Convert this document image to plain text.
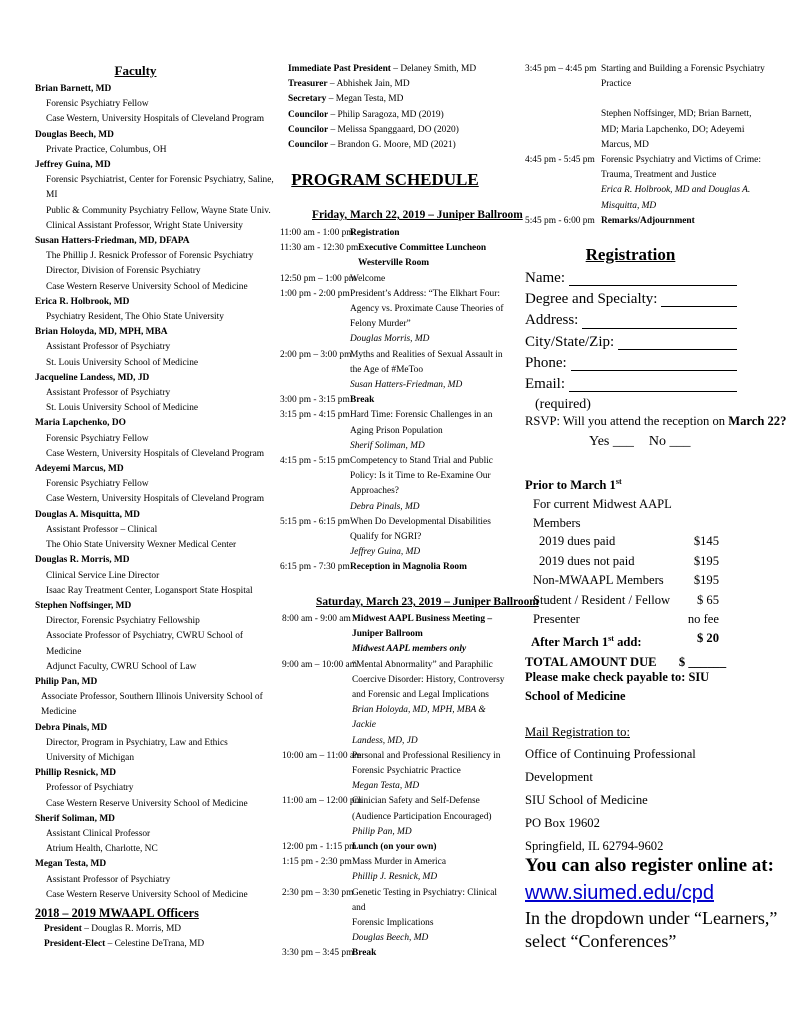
Faculty
Brian Barnett, MD
Forensic Psychiatry Fellow
Case Western, University Hospitals of Cleveland Program
Douglas Beech, MD
Private Practice, Columbus, OH
Jeffrey Guina, MD
Forensic Psychiatrist, Center for Forensic Psychiatry, Saline, MI
Public & Community Psychiatry Fellow, Wayne State Univ.
Clinical Assistant Professor, Wright State University
Susan Hatters-Friedman, MD, DFAPA
The Phillip J. Resnick Professor of Forensic Psychiatry
Director, Division of Forensic Psychiatry
Case Western Reserve University School of Medicine
Erica R. Holbrook, MD
Psychiatry Resident, The Ohio State University
Brian Holoyda, MD, MPH, MBA
Assistant Professor of Psychiatry
St. Louis University School of Medicine
Jacqueline Landess, MD, JD
Assistant Professor of Psychiatry
St. Louis University School of Medicine
Maria Lapchenko, DO
Forensic Psychiatry Fellow
Case Western, University Hospitals of Cleveland Program
Adeyemi Marcus, MD
Forensic Psychiatry Fellow
Case Western, University Hospitals of Cleveland Program
Douglas A. Misquitta, MD
Assistant Professor – Clinical
The Ohio State University Wexner Medical Center
Douglas R. Morris, MD
Clinical Service Line Director
Isaac Ray Treatment Center, Logansport State Hospital
Stephen Noffsinger, MD
Director, Forensic Psychiatry Fellowship
Associate Professor of Psychiatry, CWRU School of Medicine
Adjunct Faculty, CWRU School of Law
Philip Pan, MD
Associate Professor, Southern Illinois University School of
Medicine
Debra Pinals, MD
Director, Program in Psychiatry, Law and Ethics
University of Michigan
Phillip Resnick, MD
Professor of Psychiatry
Case Western Reserve University School of Medicine
Sherif Soliman, MD
Assistant Clinical Professor
Atrium Health, Charlotte, NC
Megan Testa, MD
Assistant Professor of Psychiatry
Case Western Reserve University School of Medicine
2018 – 2019 MWAAPL Officers
President – Douglas R. Morris, MD
President-Elect – Celestine DeTrana, MD
Immediate Past President – Delaney Smith, MD
Treasurer – Abhishek Jain, MD
Secretary – Megan Testa, MD
Councilor – Philip Saragoza, MD (2019)
Councilor – Melissa Spanggaard, DO (2020)
Councilor – Brandon G. Moore, MD (2021)
PROGRAM SCHEDULE
Friday, March 22, 2019 – Juniper Ballroom
11:00 am - 1:00 pm
Registration
11:30 am - 12:30 pm Executive Committee Luncheon
Westerville Room
12:50 pm – 1:00 pm
Welcome
1:00 pm - 2:00 pm President’s Address: “The Elkhart Four:
Agency vs. Proximate Cause Theories of
Felony Murder”
Douglas Morris, MD
2:00 pm – 3:00 pm
Myths and Realities of Sexual Assault in
the Age of #MeToo
Susan Hatters-Friedman, MD
3:00 pm - 3:15 pm Break
3:15 pm - 4:15 pm Hard Time: Forensic Challenges in an
Aging Prison Population
Sherif Soliman, MD
4:15 pm - 5:15 pm Competency to Stand Trial and Public
Policy: Is it Time to Re-Examine Our
Approaches?
Debra Pinals, MD
5:15 pm - 6:15 pm When Do Developmental Disabilities
Qualify for NGRI?
Jeffrey Guina, MD
6:15 pm - 7:30 pm Reception in Magnolia Room
Saturday, March 23, 2019 – Juniper Ballroom
8:00 am - 9:00 am Midwest AAPL Business Meeting –
Juniper Ballroom
Midwest AAPL members only
9:00 am – 10:00 am
“Mental Abnormality” and Paraphilic
Coercive Disorder: History, Controversy
and Forensic and Legal Implications
Brian Holoyda, MD, MPH, MBA & Jackie
Landess, MD, JD
10:00 am – 11:00 am
Personal and Professional Resiliency in
Forensic Psychiatric Practice
Megan Testa, MD
11:00 am – 12:00 pm
Clinician Safety and Self-Defense
(Audience Participation Encouraged)
Philip Pan, MD
12:00 pm - 1:15 pm
Lunch (on your own)
1:15 pm - 2:30 pm Mass Murder in America
Phillip J. Resnick, MD
2:30 pm – 3:30 pm
Genetic Testing in Psychiatry: Clinical and
Forensic Implications
Douglas Beech, MD
3:30 pm – 3:45 pm
Break
3:45 pm – 4:45 pm Starting and Building a Forensic Psychiatry
Practice
Stephen Noffsinger, MD; Brian Barnett,
MD; Maria Lapchenko, DO; Adeyemi
Marcus, MD
4:45 pm - 5:45 pm Forensic Psychiatry and Victims of Crime:
Trauma, Treatment and Justice
Erica R. Holbrook, MD and Douglas A.
Misquitta, MD
5:45 pm - 6:00 pm Remarks/Adjournment
Registration
Name:
Degree and Specialty:
Address:
City/State/Zip:
Phone:
Email:
(required)
RSVP: Will you attend the reception on March 22?
Yes ___ No ___
Prior to March 1st
For current Midwest AAPL Members
2019 dues paid	$145
2019 dues not paid	$195
Non-MWAAPL Members $195
Student / Resident / Fellow $ 65
Presenter	no fee
After March 1st add:	$ 20
TOTAL AMOUNT DUE $ ______
Please make check payable to: SIU School of Medicine
Mail Registration to:
Office of Continuing Professional Development
SIU School of Medicine
PO Box 19602
Springfield, IL 62794-9602
You can also register online at:
www.siumed.edu/cpd
In the dropdown under “Learners,”
select “Conferences”
